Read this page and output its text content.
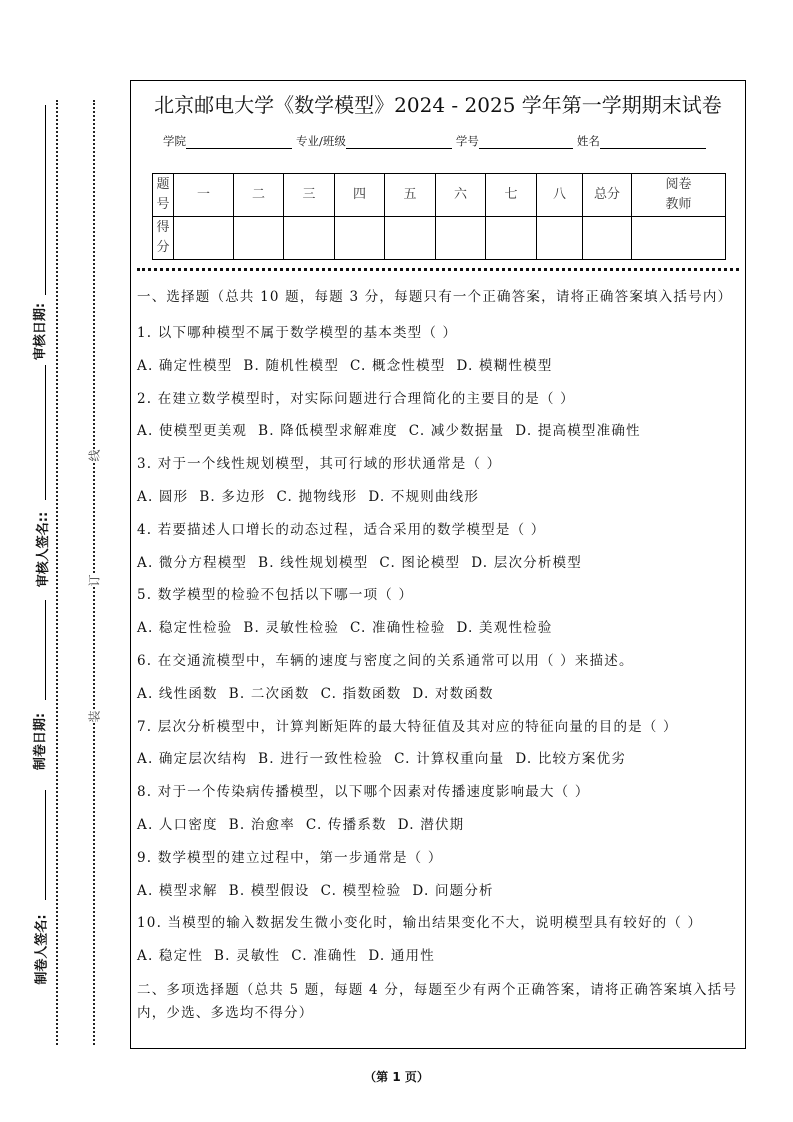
审核日期:
审核人签名::
制卷日期:
制卷人签名:
线
订
装
北京邮电大学《数学模型》2024 - 2025 学年第一学期期末试卷
学院	专业/班级	学号	姓名
题号	一	二	三	四	五	六	七	八	总分	阅卷教师
得分										
一、选择题（总共 10 题，每题 3 分，每题只有一个正确答案，请将正确答案填入括号内）
1. 以下哪种模型不属于数学模型的基本类型（ ）
A. 确定性模型  B. 随机性模型  C. 概念性模型  D. 模糊性模型
2. 在建立数学模型时，对实际问题进行合理简化的主要目的是（ ）
A. 使模型更美观  B. 降低模型求解难度  C. 减少数据量  D. 提高模型准确性
3. 对于一个线性规划模型，其可行域的形状通常是（ ）
A. 圆形  B. 多边形  C. 抛物线形  D. 不规则曲线形
4. 若要描述人口增长的动态过程，适合采用的数学模型是（ ）
A. 微分方程模型  B. 线性规划模型  C. 图论模型  D. 层次分析模型
5. 数学模型的检验不包括以下哪一项（ ）
A. 稳定性检验  B. 灵敏性检验  C. 准确性检验  D. 美观性检验
6. 在交通流模型中，车辆的速度与密度之间的关系通常可以用（ ）来描述。
A. 线性函数  B. 二次函数  C. 指数函数  D. 对数函数
7. 层次分析模型中，计算判断矩阵的最大特征值及其对应的特征向量的目的是（ ）
A. 确定层次结构  B. 进行一致性检验  C. 计算权重向量  D. 比较方案优劣
8. 对于一个传染病传播模型，以下哪个因素对传播速度影响最大（ ）
A. 人口密度  B. 治愈率  C. 传播系数  D. 潜伏期
9. 数学模型的建立过程中，第一步通常是（ ）
A. 模型求解  B. 模型假设  C. 模型检验  D. 问题分析
10. 当模型的输入数据发生微小变化时，输出结果变化不大，说明模型具有较好的（ ）
A. 稳定性  B. 灵敏性  C. 准确性  D. 通用性
二、多项选择题（总共 5 题，每题 4 分，每题至少有两个正确答案，请将正确答案填入括号内，少选、多选均不得分）
（第 1 页）
